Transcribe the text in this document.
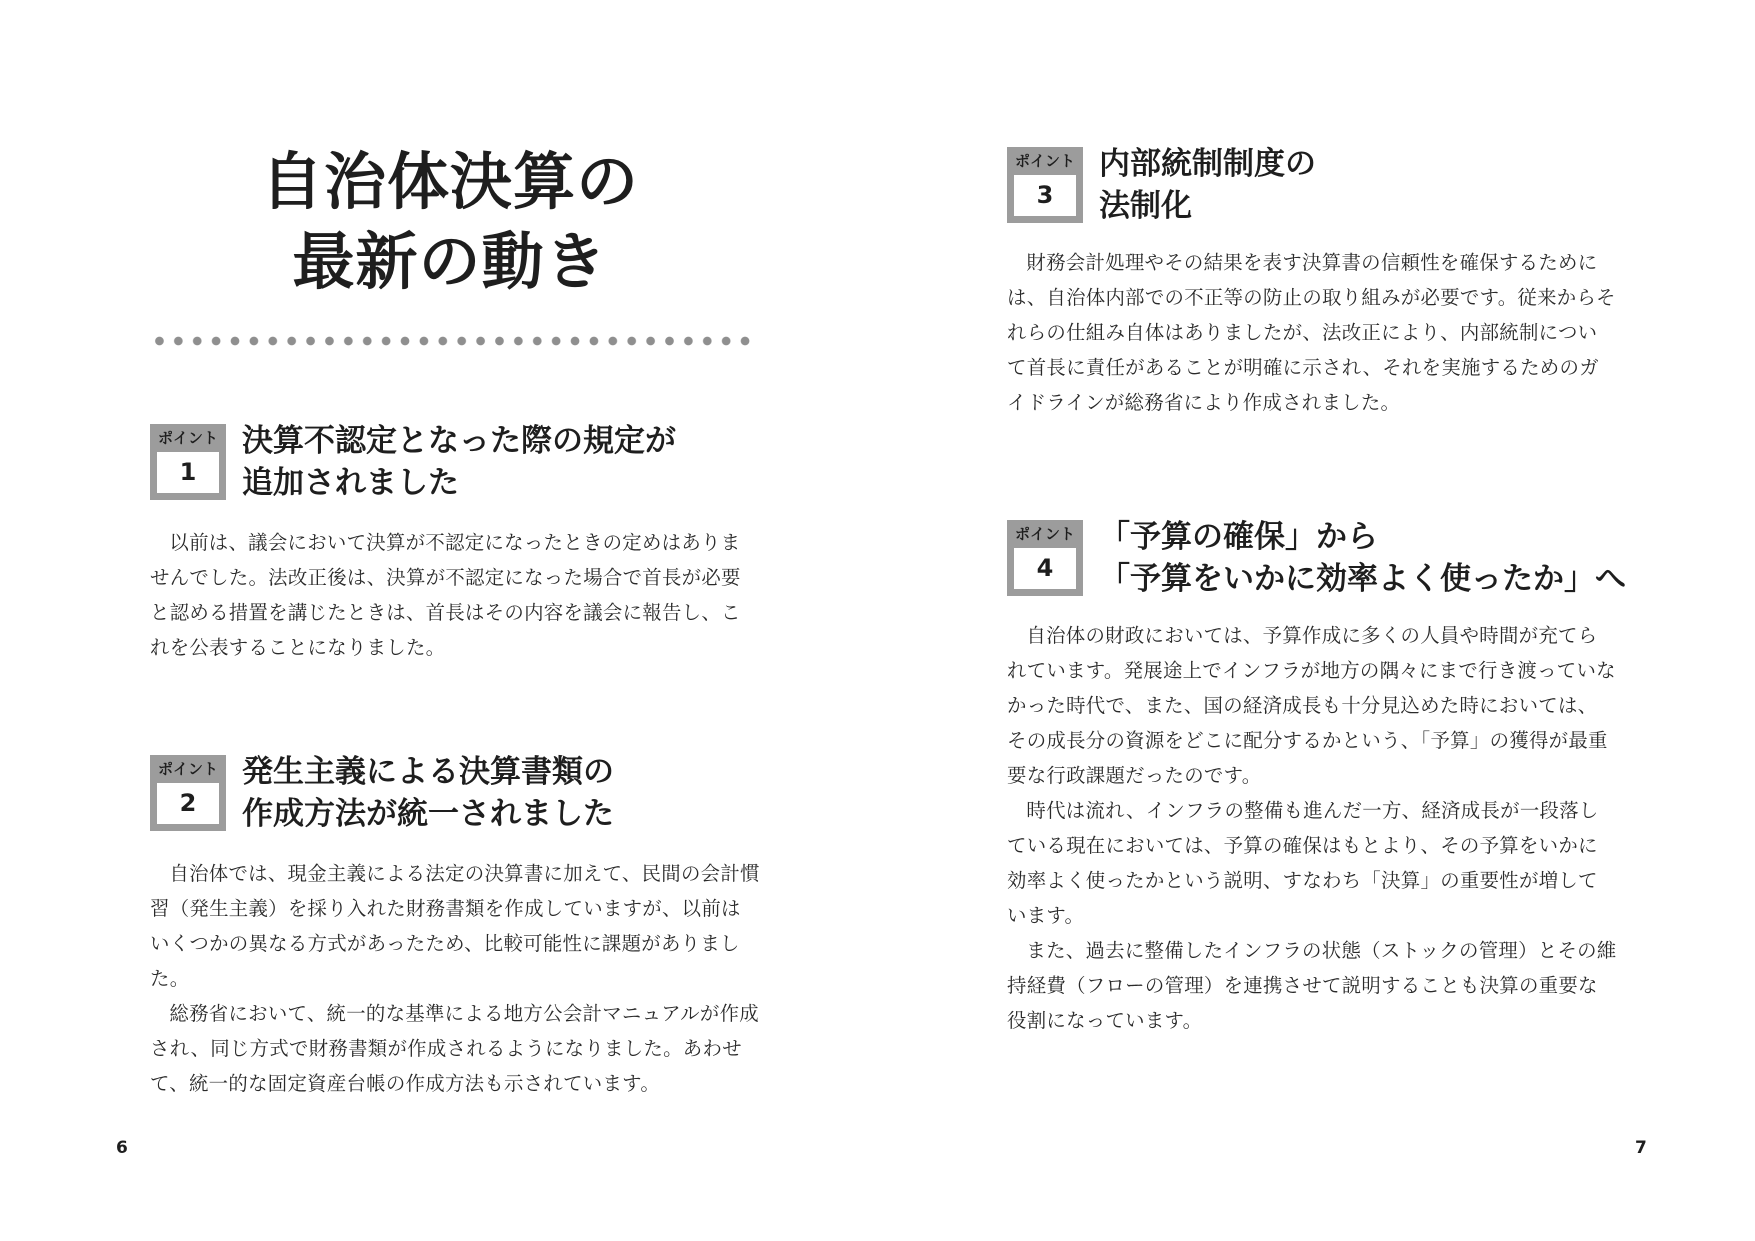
自治体決算の
最新の動き
ポイント
1
決算不認定となった際の規定が
追加されました

以前は、議会において決算が不認定になったときの定めはありませんでした。法改正後は、決算が不認定になった場合で首長が必要と認める措置を講じたときは、首長はその内容を議会に報告し、これを公表することになりました。

ポイント
2
発生主義による決算書類の
作成方法が統一されました

自治体では、現金主義による法定の決算書に加えて、民間の会計慣習（発生主義）を採り入れた財務書類を作成していますが、以前はいくつかの異なる方式があったため、比較可能性に課題がありました。

総務省において、統一的な基準による地方公会計マニュアルが作成され、同じ方式で財務書類が作成されるようになりました。あわせて、統一的な固定資産台帳の作成方法も示されています。

6
ポイント
3
内部統制制度の
法制化

財務会計処理やその結果を表す決算書の信頼性を確保するためには、自治体内部での不正等の防止の取り組みが必要です。従来からそれらの仕組み自体はありましたが、法改正により、内部統制について首長に責任があることが明確に示され、それを実施するためのガイドラインが総務省により作成されました。

ポイント
4
「予算の確保」から
「予算をいかに効率よく使ったか」へ

自治体の財政においては、予算作成に多くの人員や時間が充てられています。発展途上でインフラが地方の隅々にまで行き渡っていなかった時代で、また、国の経済成長も十分見込めた時においては、その成長分の資源をどこに配分するかという、「予算」の獲得が最重要な行政課題だったのです。

時代は流れ、インフラの整備も進んだ一方、経済成長が一段落している現在においては、予算の確保はもとより、その予算をいかに効率よく使ったかという説明、すなわち「決算」の重要性が増しています。

また、過去に整備したインフラの状態（ストックの管理）とその維持経費（フローの管理）を連携させて説明することも決算の重要な役割になっています。

7
